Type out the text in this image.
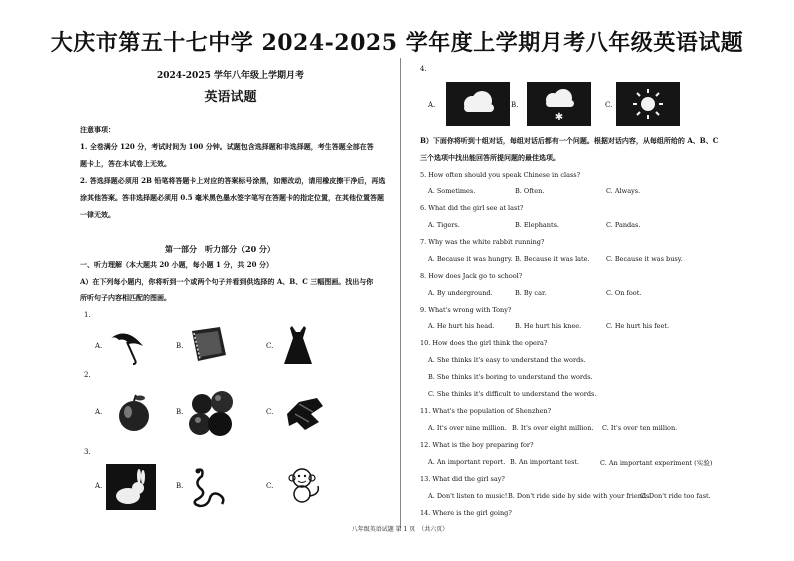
大庆市第五十七中学 2024-2025 学年度上学期月考八年级英语试题
2024-2025 学年八年级上学期月考
英语试题
注意事项：
1. 全卷满分 120 分，考试时间为 100 分钟。试题包含选择题和非选择题，考生答题全部在答
题卡上，答在本试卷上无效。
2. 答选择题必须用 2B 铅笔将答题卡上对应的答案标号涂黑，如需改动，请用橡皮擦干净后，再选
涂其他答案。答非选择题必须用 0.5 毫米黑色墨水签字笔写在答题卡的指定位置，在其他位置答题
一律无效。
第一部分　听力部分（20 分）
一、听力理解（本大题共 20 小题，每小题 1 分，共 20 分）
A）在下列每小题内，你将听到一个或两个句子并看到供选择的 A、B、C 三幅图画。找出与你
所听句子内容相匹配的图画。
1.
A.	B.	C.
2.
A.	B.	C.
3.
A.	B.	C.
4.
A.	B.
✱
C.
B）下面你将听到十组对话，每组对话后都有一个问题。根据对话内容，从每组所给的 A、B、C
三个选项中找出能回答所提问题的最佳选项。
5. How often should you speak Chinese in class?
A. Sometimes.	B. Often.	C. Always.
6. What did the girl see at last?
A. Tigers.	B. Elephants.	C. Pandas.
7. Why was the white rabbit running?
A. Because it was hungry. B. Because it was late.	C. Because it was busy.
8. How does Jack go to school?
A. By underground.	B. By car.	C. On foot.
9. What's wrong with Tony?
A. He hurt his head.	B. He hurt his knee.	C. He hurt his feet.
10. How does the girl think the opera?
A. She thinks it's easy to understand the words.
B. She thinks it's boring to understand the words.
C. She thinks it's difficult to understand the words.
11. What's the population of Shenzhen?
A. It's over nine million. B. It's over eight million. C. It's over ten million.
12. What is the boy preparing for?
A. An important report. B. An important test.	C. An important experiment (实验)
13. What did the girl say?
A. Don't listen to music! B. Don't ride side by side with your friends.
C. Don't ride too fast.
14. Where is the girl going?
八年级英语试题 第 1 页　（共六页）
